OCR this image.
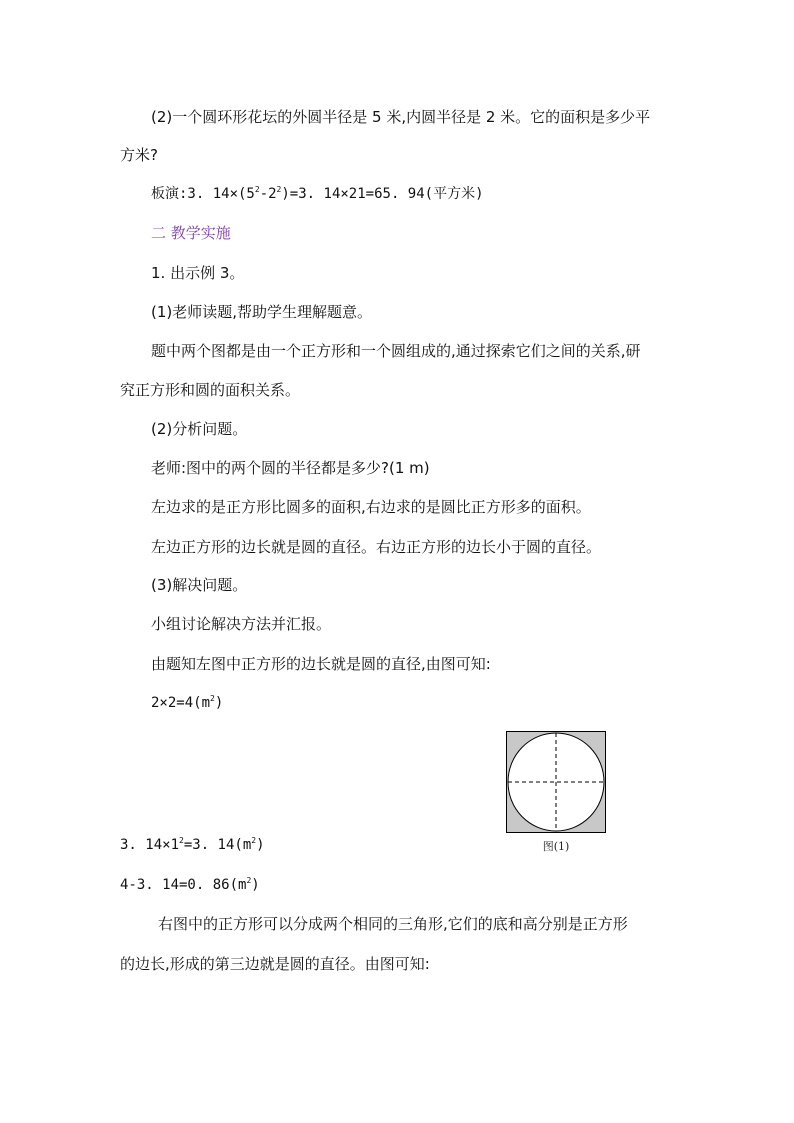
(2)一个圆环形花坛的外圆半径是 5 米,内圆半径是 2 米。它的面积是多少平
方米?
板演:3. $14\times(5^2-2^2)=3$. 14×21=65. 94(平方米)
二 教学实施
1. 出示例 3。
(1)老师读题,帮助学生理解题意。
题中两个图都是由一个正方形和一个圆组成的,通过探索它们之间的关系,研
究正方形和圆的面积关系。
(2)分析问题。
老师:图中的两个圆的半径都是多少?(1 m)
左边求的是正方形比圆多的面积,右边求的是圆比正方形多的面积。
左边正方形的边长就是圆的直径。右边正方形的边长小于圆的直径。
(3)解决问题。
小组讨论解决方法并汇报。
由题知左图中正方形的边长就是圆的直径,由图可知:
$2\times 2=4(m^2)$
图(1)
3. $14\times 1^2=3$. $14(m^2)$
4-3. 14=0. $86(m^2)$
右图中的正方形可以分成两个相同的三角形,它们的底和高分别是正方形
的边长,形成的第三边就是圆的直径。由图可知:
